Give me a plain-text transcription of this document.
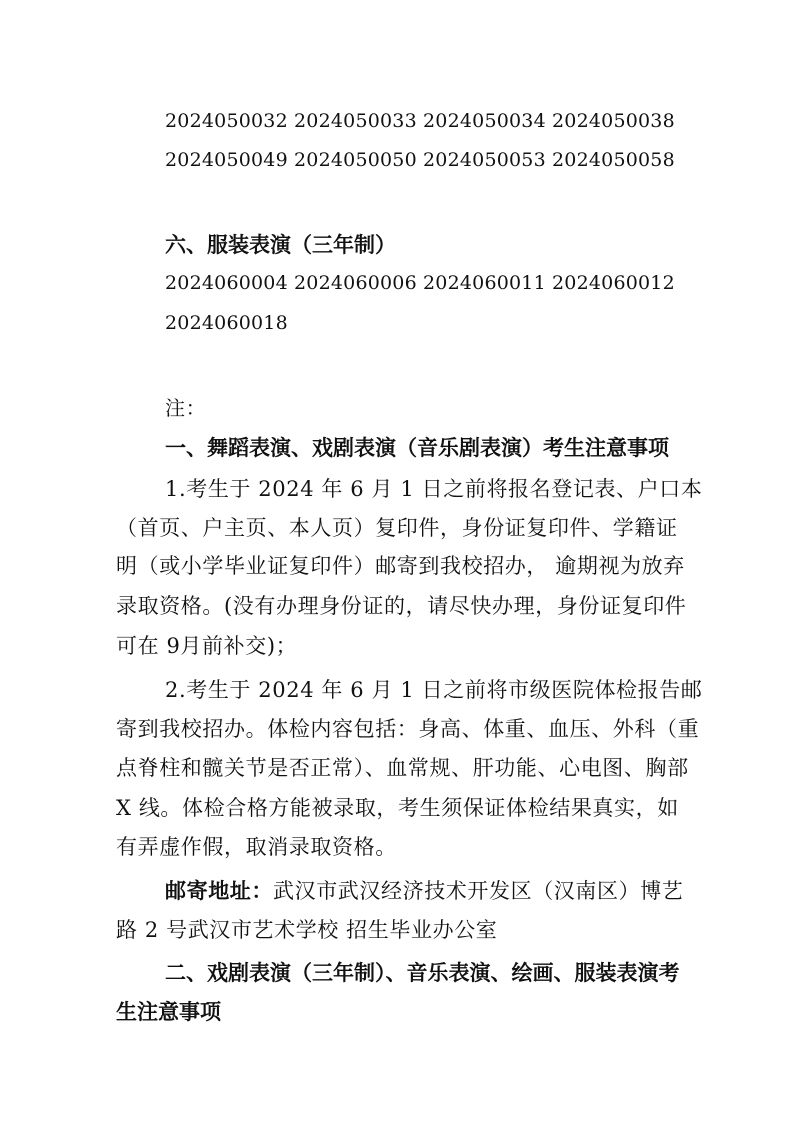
2024050032 2024050033 2024050034 2024050038
2024050049 2024050050 2024050053 2024050058
六、服装表演（三年制）
2024060004 2024060006 2024060011 2024060012
2024060018
注：
一、舞蹈表演、戏剧表演（音乐剧表演）考生注意事项
1.考生于 2024 年 6 月 1 日之前将报名登记表、户口本
（首页、户主页、本人页）复印件，身份证复印件、学籍证
明（或小学毕业证复印件）邮寄到我校招办， 逾期视为放弃
录取资格。(没有办理身份证的，请尽快办理，身份证复印件
可在 9月前补交)；
2.考生于 2024 年 6 月 1 日之前将市级医院体检报告邮
寄到我校招办。体检内容包括：身高、体重、血压、外科（重
点脊柱和髋关节是否正常）、血常规、肝功能、心电图、胸部
X 线。体检合格方能被录取，考生须保证体检结果真实，如
有弄虚作假，取消录取资格。
邮寄地址：武汉市武汉经济技术开发区（汉南区）博艺
路 2 号武汉市艺术学校 招生毕业办公室
二、戏剧表演（三年制）、音乐表演、绘画、服装表演考
生注意事项
